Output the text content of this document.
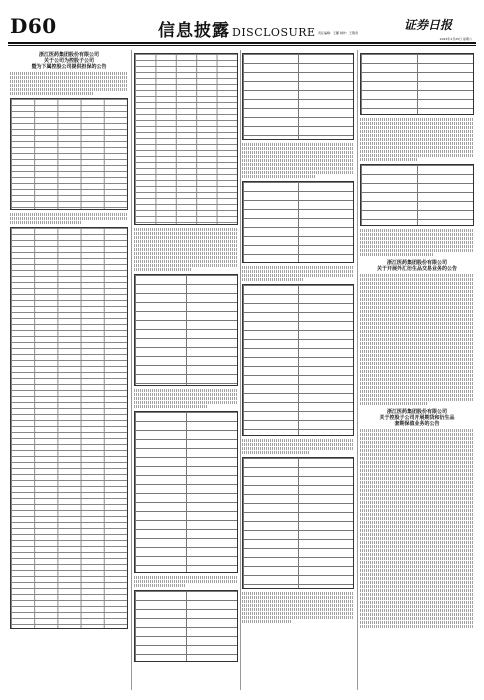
D60	信息披露 DISCLOSURE 责任编辑：王鹏 制作：王敬涛
证券日报
2023年3月25日 星期六
浙江医药集团股份有限公司
关于公司为控股子公司
暨为下属控股公司提供担保的公告
浙江医药集团股份有限公司
关于开展外汇衍生品交易业务的公告
浙江医药集团股份有限公司
关于控股子公司开展期货和衍生品
套期保值业务的公告
